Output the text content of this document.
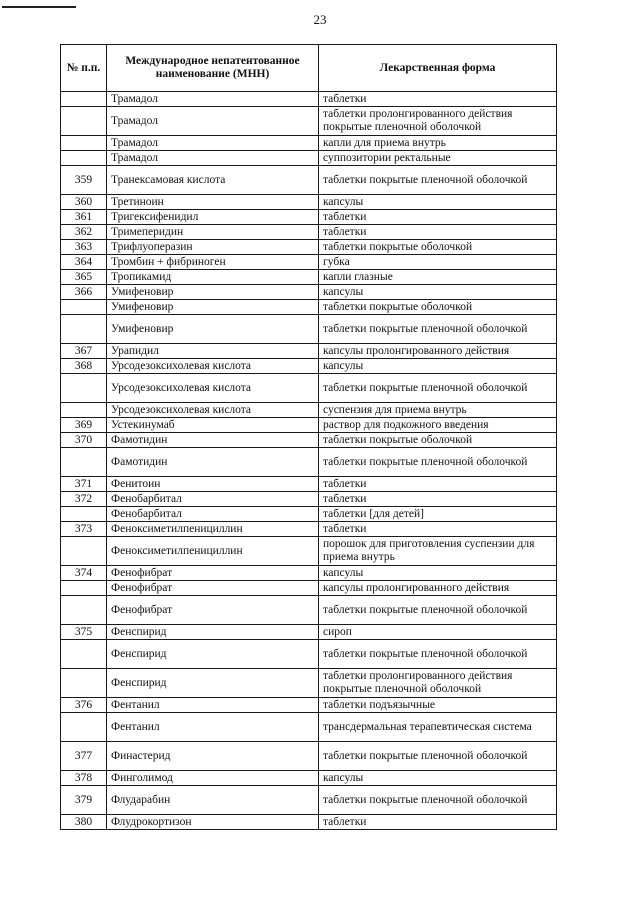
23
№ п.п.	Международное непатентованное наименование (МНН)	Лекарственная форма
	Трамадол	таблетки
	Трамадол	таблетки пролонгированного действия покрытые пленочной оболочкой
	Трамадол	капли для приема внутрь
	Трамадол	суппозитории ректальные
359	Транексамовая кислота	таблетки покрытые пленочной оболочкой
360	Третиноин	капсулы
361	Тригексифенидил	таблетки
362	Тримеперидин	таблетки
363	Трифлуоперазин	таблетки покрытые оболочкой
364	Тромбин + фибриноген	губка
365	Тропикамид	капли глазные
366	Умифеновир	капсулы
	Умифеновир	таблетки покрытые оболочкой
	Умифеновир	таблетки покрытые пленочной оболочкой
367	Урапидил	капсулы пролонгированного действия
368	Урсодезоксихолевая кислота	капсулы
	Урсодезоксихолевая кислота	таблетки покрытые пленочной оболочкой
	Урсодезоксихолевая кислота	суспензия для приема внутрь
369	Устекинумаб	раствор для подкожного введения
370	Фамотидин	таблетки покрытые оболочкой
	Фамотидин	таблетки покрытые пленочной оболочкой
371	Фенитоин	таблетки
372	Фенобарбитал	таблетки
	Фенобарбитал	таблетки [для детей]
373	Феноксиметилпенициллин	таблетки
	Феноксиметилпенициллин	порошок для приготовления суспензии для приема внутрь
374	Фенофибрат	капсулы
	Фенофибрат	капсулы пролонгированного действия
	Фенофибрат	таблетки покрытые пленочной оболочкой
375	Фенспирид	сироп
	Фенспирид	таблетки покрытые пленочной оболочкой
	Фенспирид	таблетки пролонгированного действия покрытые пленочной оболочкой
376	Фентанил	таблетки подъязычные
	Фентанил	трансдермальная терапевтическая система
377	Финастерид	таблетки покрытые пленочной оболочкой
378	Финголимод	капсулы
379	Флударабин	таблетки покрытые пленочной оболочкой
380	Флудрокортизон	таблетки
